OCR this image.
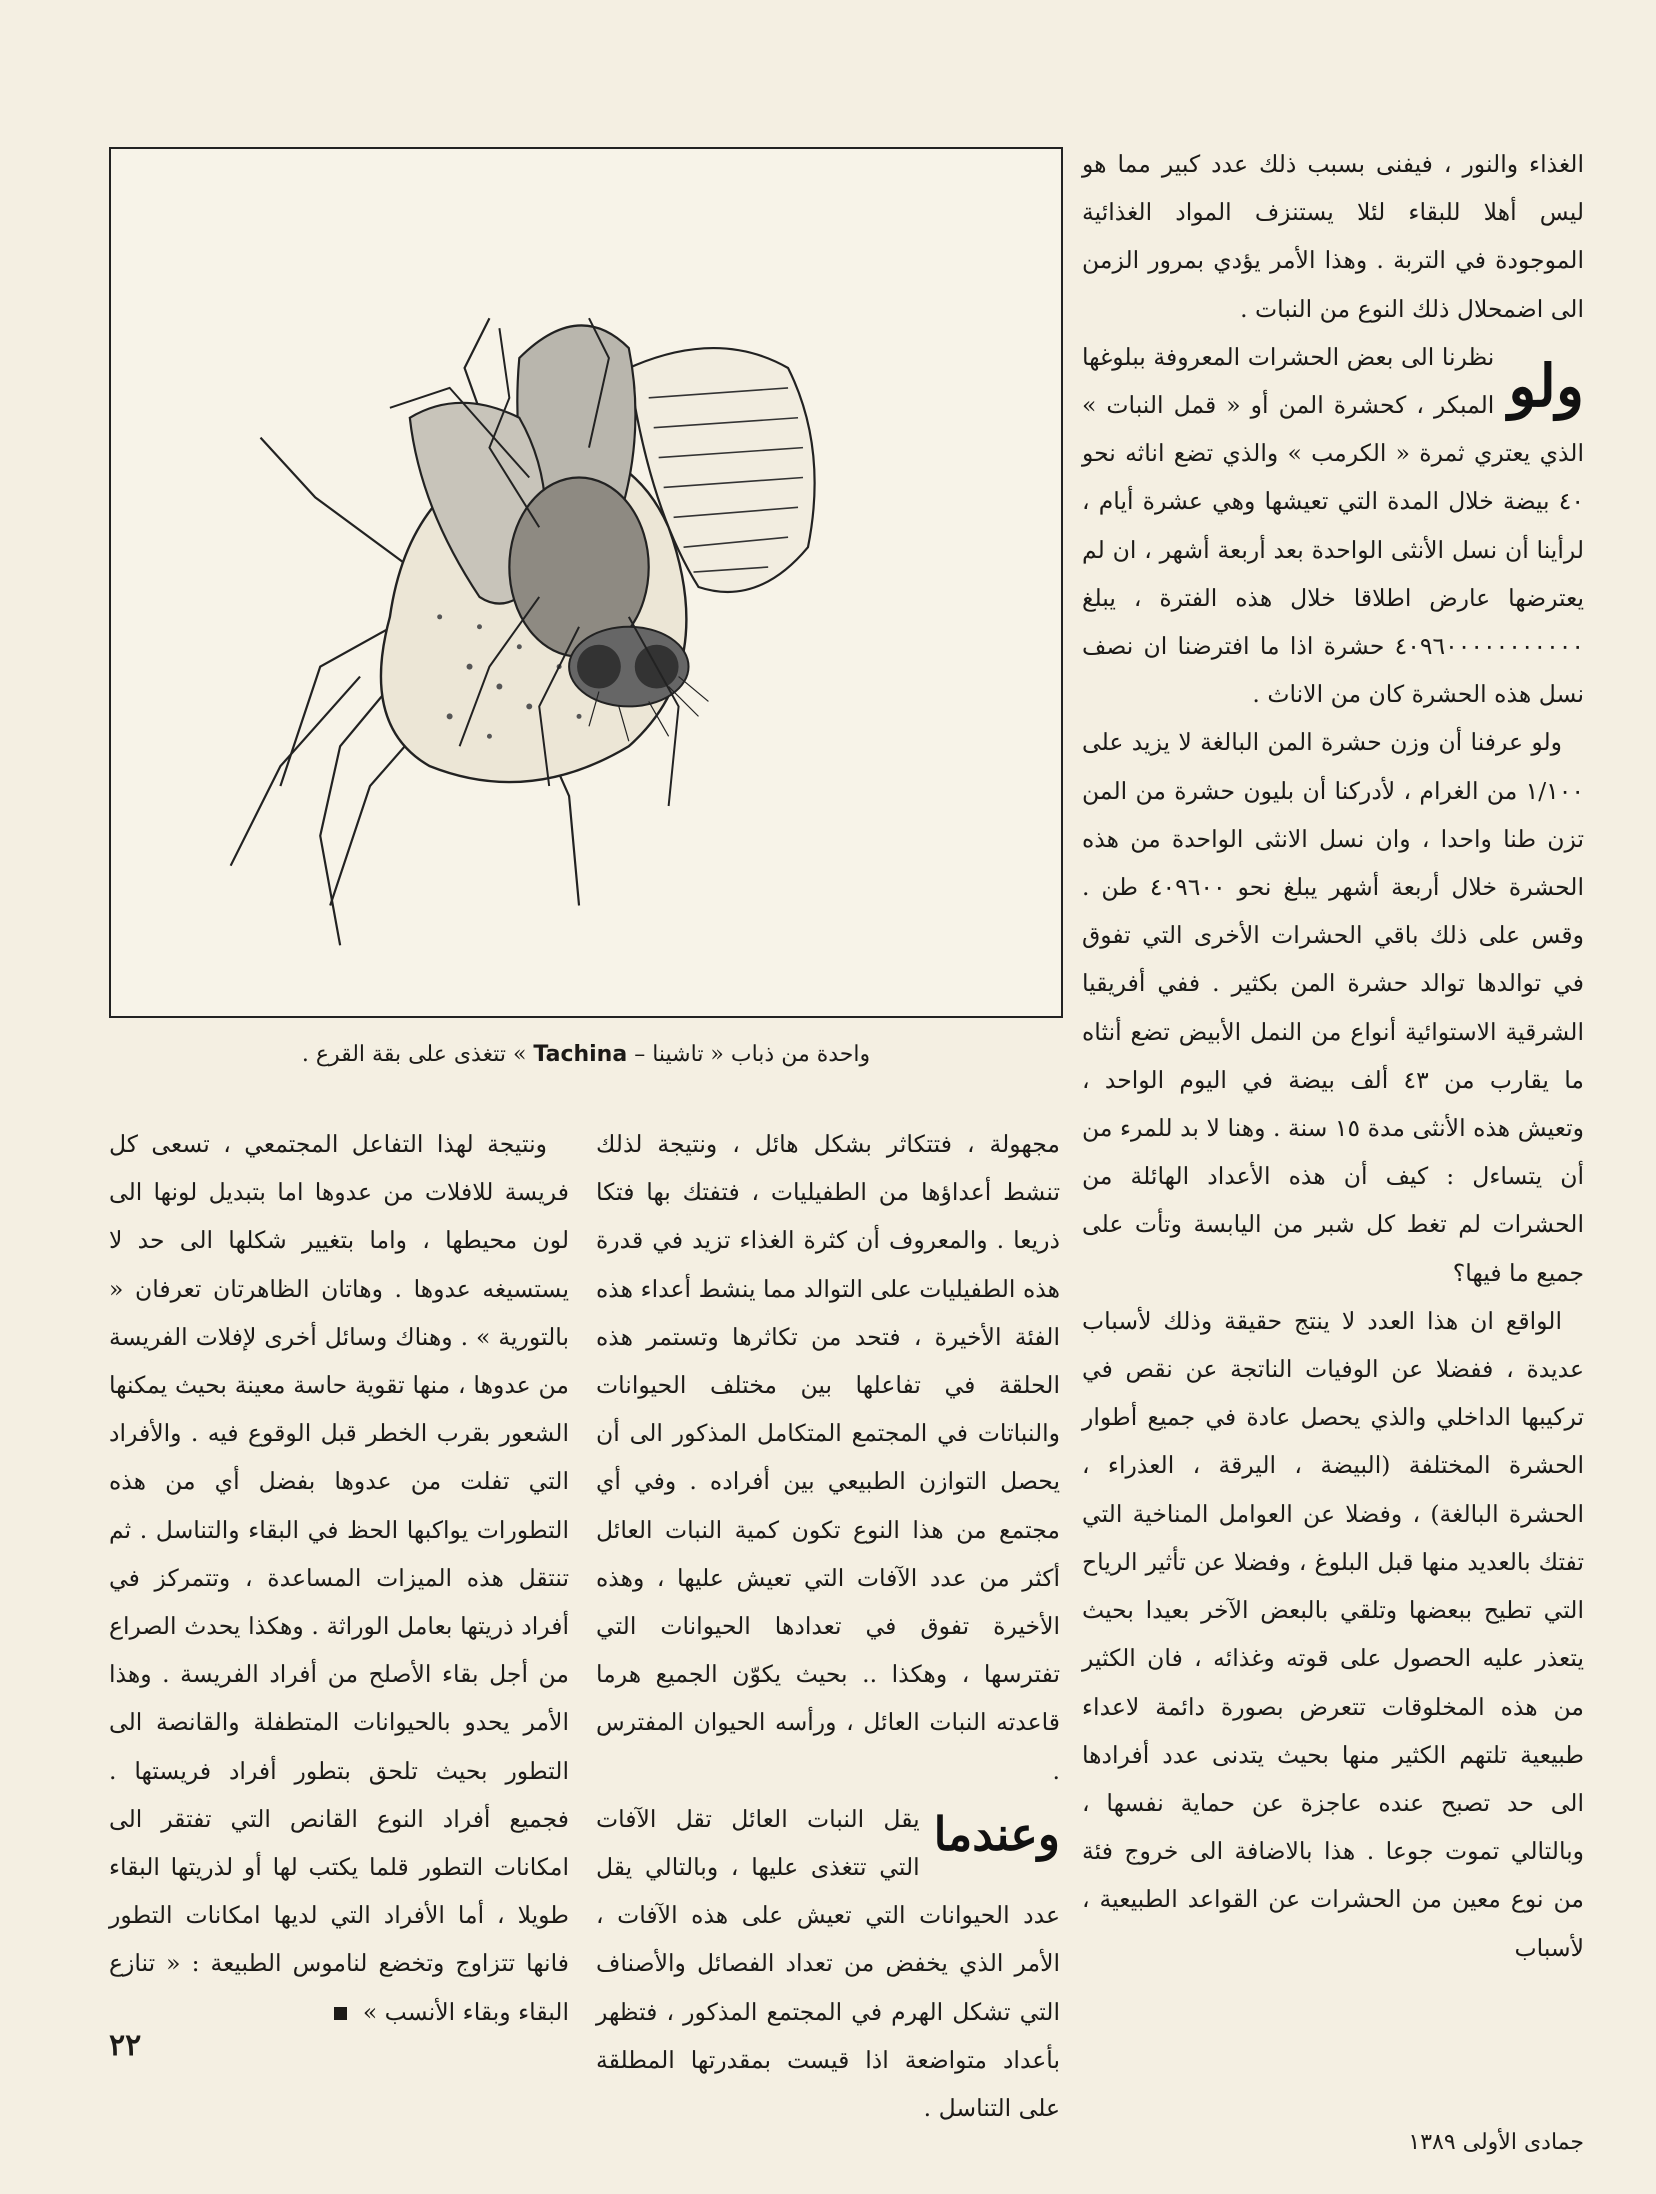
الغذاء والنور ، فيفنى بسبب ذلك عدد كبير مما هو ليس أهلا للبقاء لئلا يستنزف المواد الغذائية الموجودة في التربة . وهذا الأمر يؤدي بمرور الزمن الى اضمحلال ذلك النوع من النبات .

ولو
نظرنا الى بعض الحشرات المعروفة ببلوغها المبكر ، كحشرة المن أو « قمل النبات » الذي يعتري ثمرة « الكرمب » والذي تضع اناثه نحو ٤٠ بيضة خلال المدة التي تعيشها وهي عشرة أيام ، لرأينا أن نسل الأنثى الواحدة بعد أربعة أشهر ، ان لم يعترضها عارض اطلاقا خلال هذه الفترة ، يبلغ ٤٠٩٦٠٠٠٠٠٠٠٠٠٠٠ حشرة اذا ما افترضنا ان نصف نسل هذه الحشرة كان من الاناث .

ولو عرفنا أن وزن حشرة المن البالغة لا يزيد على ١/١٠٠ من الغرام ، لأدركنا أن بليون حشرة من المن تزن طنا واحدا ، وان نسل الانثى الواحدة من هذه الحشرة خلال أربعة أشهر يبلغ نحو ٤٠٩٦٠٠ طن . وقس على ذلك باقي الحشرات الأخرى التي تفوق في توالدها توالد حشرة المن بكثير . ففي أفريقيا الشرقية الاستوائية أنواع من النمل الأبيض تضع أنثاه ما يقارب من ٤٣ ألف بيضة في اليوم الواحد ، وتعيش هذه الأنثى مدة ١٥ سنة . وهنا لا بد للمرء من أن يتساءل : كيف أن هذه الأعداد الهائلة من الحشرات لم تغط كل شبر من اليابسة وتأت على جميع ما فيها؟

الواقع ان هذا العدد لا ينتج حقيقة وذلك لأسباب عديدة ، ففضلا عن الوفيات الناتجة عن نقص في تركيبها الداخلي والذي يحصل عادة في جميع أطوار الحشرة المختلفة (البيضة ، اليرقة ، العذراء ، الحشرة البالغة) ، وفضلا عن العوامل المناخية التي تفتك بالعديد منها قبل البلوغ ، وفضلا عن تأثير الرياح التي تطيح ببعضها وتلقي بالبعض الآخر بعيدا بحيث يتعذر عليه الحصول على قوته وغذائه ، فان الكثير من هذه المخلوقات تتعرض بصورة دائمة لاعداء طبيعية تلتهم الكثير منها بحيث يتدنى عدد أفرادها الى حد تصبح عنده عاجزة عن حماية نفسها ، وبالتالي تموت جوعا . هذا بالاضافة الى خروج فئة من نوع معين من الحشرات عن القواعد الطبيعية ، لأسباب

واحدة من ذباب « تاشينا – Tachina » تتغذى على بقة القرع .

مجهولة ، فتتكاثر بشكل هائل ، ونتيجة لذلك تنشط أعداؤها من الطفيليات ، فتفتك بها فتكا ذريعا . والمعروف أن كثرة الغذاء تزيد في قدرة هذه الطفيليات على التوالد مما ينشط أعداء هذه الفئة الأخيرة ، فتحد من تكاثرها وتستمر هذه الحلقة في تفاعلها بين مختلف الحيوانات والنباتات في المجتمع المتكامل المذكور الى أن يحصل التوازن الطبيعي بين أفراده . وفي أي مجتمع من هذا النوع تكون كمية النبات العائل أكثر من عدد الآفات التي تعيش عليها ، وهذه الأخيرة تفوق في تعدادها الحيوانات التي تفترسها ، وهكذا .. بحيث يكوّن الجميع هرما قاعدته النبات العائل ، ورأسه الحيوان المفترس .

وعندما
يقل النبات العائل تقل الآفات التي تتغذى عليها ، وبالتالي يقل عدد الحيوانات التي تعيش على هذه الآفات ، الأمر الذي يخفض من تعداد الفصائل والأصناف التي تشكل الهرم في المجتمع المذكور ، فتظهر بأعداد متواضعة اذا قيست بمقدرتها المطلقة على التناسل .

ونتيجة لهذا التفاعل المجتمعي ، تسعى كل فريسة للافلات من عدوها اما بتبديل لونها الى لون محيطها ، واما بتغيير شكلها الى حد لا يستسيغه عدوها . وهاتان الظاهرتان تعرفان « بالتورية » . وهناك وسائل أخرى لإفلات الفريسة من عدوها ، منها تقوية حاسة معينة بحيث يمكنها الشعور بقرب الخطر قبل الوقوع فيه . والأفراد التي تفلت من عدوها بفضل أي من هذه التطورات يواكبها الحظ في البقاء والتناسل . ثم تنتقل هذه الميزات المساعدة ، وتتمركز في أفراد ذريتها بعامل الوراثة . وهكذا يحدث الصراع من أجل بقاء الأصلح من أفراد الفريسة . وهذا الأمر يحدو بالحيوانات المتطفلة والقانصة الى التطور بحيث تلحق بتطور أفراد فريستها . فجميع أفراد النوع القانص التي تفتقر الى امكانات التطور قلما يكتب لها أو لذريتها البقاء طويلا ، أما الأفراد التي لديها امكانات التطور فانها تتزاوج وتخضع لناموس الطبيعة : « تنازع البقاء وبقاء الأنسب »

٢٢
جمادى الأولى ١٣٨٩
